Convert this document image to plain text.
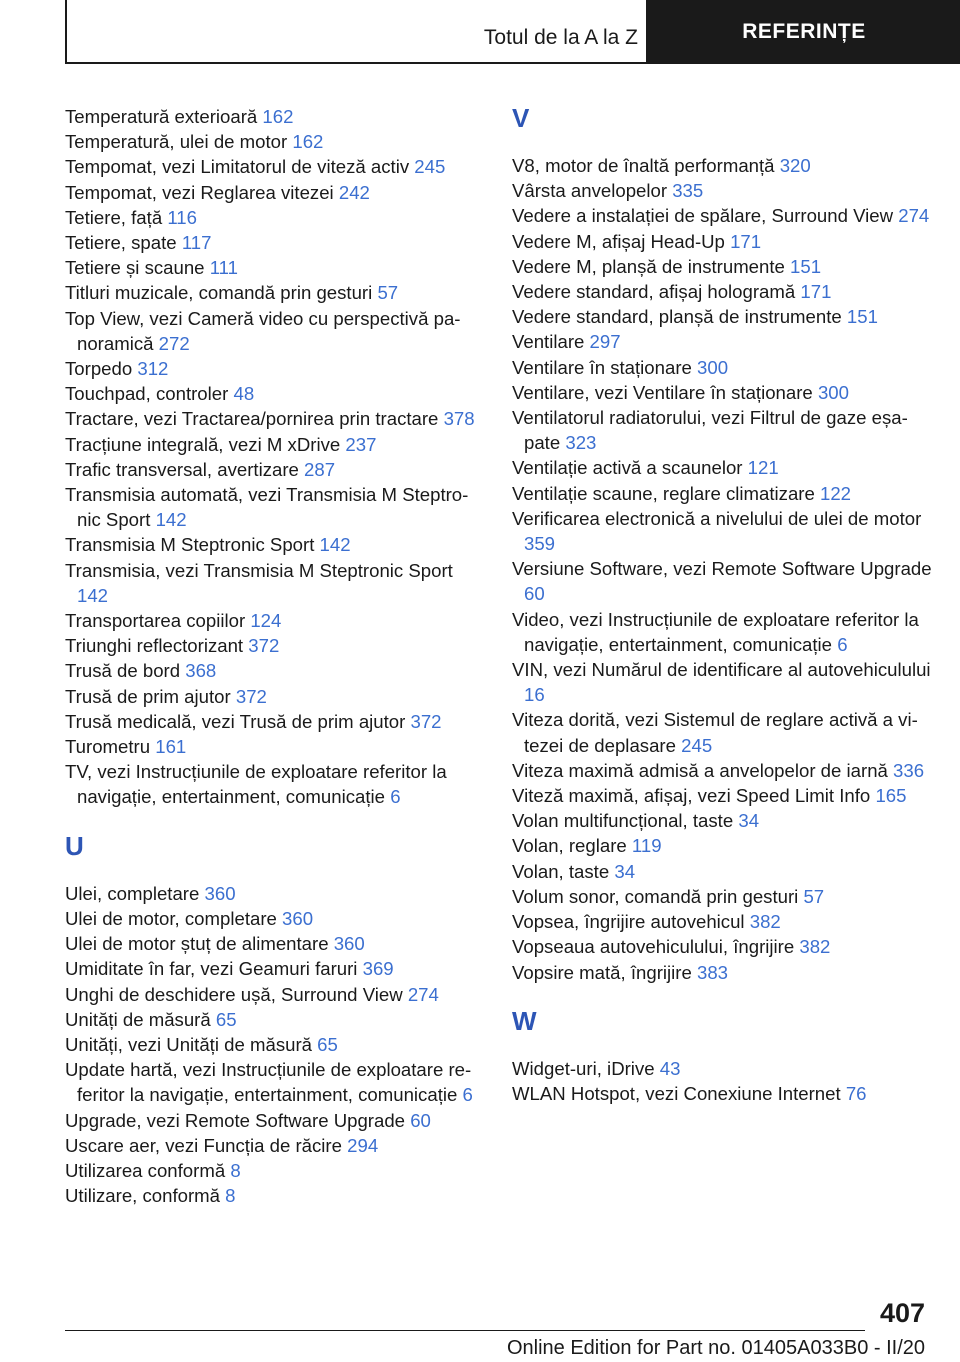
Totul de la A la Z	REFERINȚE
Temperatură exterioară 162
Temperatură, ulei de motor 162
Tempomat, vezi Limitatorul de viteză activ 245
Tempomat, vezi Reglarea vitezei 242
Tetiere, față 116
Tetiere, spate 117
Tetiere și scaune 111
Titluri muzicale, comandă prin gesturi 57
Top View, vezi Cameră video cu perspectivă panoramică 272
Torpedo 312
Touchpad, controler 48
Tractare, vezi Tractarea/pornirea prin tractare 378
Tracțiune integrală, vezi M xDrive 237
Trafic transversal, avertizare 287
Transmisia automată, vezi Transmisia M Steptronic Sport 142
Transmisia M Steptronic Sport 142
Transmisia, vezi Transmisia M Steptronic Sport 142
Transportarea copiilor 124
Triunghi reflectorizant 372
Trusă de bord 368
Trusă de prim ajutor 372
Trusă medicală, vezi Trusă de prim ajutor 372
Turometru 161
TV, vezi Instrucțiunile de exploatare referitor la navigație, entertainment, comunicație 6
U
Ulei, completare 360
Ulei de motor, completare 360
Ulei de motor ștuț de alimentare 360
Umiditate în far, vezi Geamuri faruri 369
Unghi de deschidere ușă, Surround View 274
Unități de măsură 65
Unități, vezi Unități de măsură 65
Update hartă, vezi Instrucțiunile de exploatare referitor la navigație, entertainment, comunicație 6
Upgrade, vezi Remote Software Upgrade 60
Uscare aer, vezi Funcția de răcire 294
Utilizarea conformă 8
Utilizare, conformă 8
V
V8, motor de înaltă performanță 320
Vârsta anvelopelor 335
Vedere a instalației de spălare, Surround View 274
Vedere M, afișaj Head-Up 171
Vedere M, planșă de instrumente 151
Vedere standard, afișaj hologramă 171
Vedere standard, planșă de instrumente 151
Ventilare 297
Ventilare în staționare 300
Ventilare, vezi Ventilare în staționare 300
Ventilatorul radiatorului, vezi Filtrul de gaze eșapate 323
Ventilație activă a scaunelor 121
Ventilație scaune, reglare climatizare 122
Verificarea electronică a nivelului de ulei de motor 359
Versiune Software, vezi Remote Software Upgrade 60
Video, vezi Instrucțiunile de exploatare referitor la navigație, entertainment, comunicație 6
VIN, vezi Numărul de identificare al autovehiculului 16
Viteza dorită, vezi Sistemul de reglare activă a vitezei de deplasare 245
Viteza maximă admisă a anvelopelor de iarnă 336
Viteză maximă, afișaj, vezi Speed Limit Info 165
Volan multifuncțional, taste 34
Volan, reglare 119
Volan, taste 34
Volum sonor, comandă prin gesturi 57
Vopsea, îngrijire autovehicul 382
Vopseaua autovehiculului, îngrijire 382
Vopsire mată, îngrijire 383
W
Widget-uri, iDrive 43
WLAN Hotspot, vezi Conexiune Internet 76
407
Online Edition for Part no. 01405A033B0 - II/20
